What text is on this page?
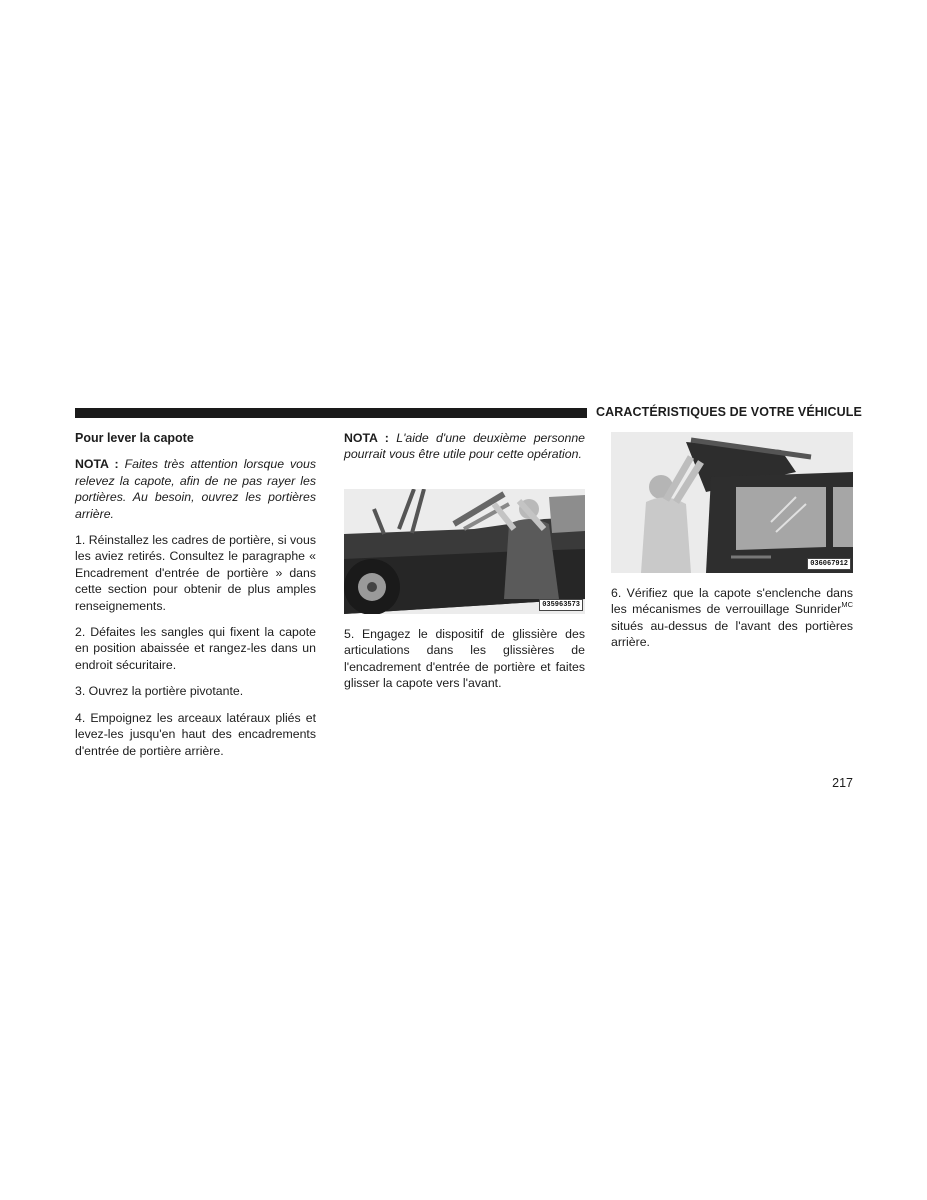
CARACTÉRISTIQUES DE VOTRE VÉHICULE

Pour lever la capote

NOTA : Faites très attention lorsque vous relevez la capote, afin de ne pas rayer les portières. Au besoin, ouvrez les portières arrière.

1. Réinstallez les cadres de portière, si vous les aviez retirés. Consultez le paragraphe « Encadrement d'entrée de portière » dans cette section pour obtenir de plus amples renseignements.

2. Défaites les sangles qui fixent la capote en position abaissée et rangez-les dans un endroit sécuritaire.

3. Ouvrez la portière pivotante.

4. Empoignez les arceaux latéraux pliés et levez-les jusqu'en haut des encadrements d'entrée de portière arrière.

NOTA : L'aide d'une deuxième personne pourrait vous être utile pour cette opération.

035963573

5. Engagez le dispositif de glissière des articulations dans les glissières de l'encadrement d'entrée de portière et faites glisser la capote vers l'avant.

036067912

6. Vérifiez que la capote s'enclenche dans les mécanismes de verrouillage Sunrider$^{MC}$ situés au-dessus de l'avant des portières arrière.

217
